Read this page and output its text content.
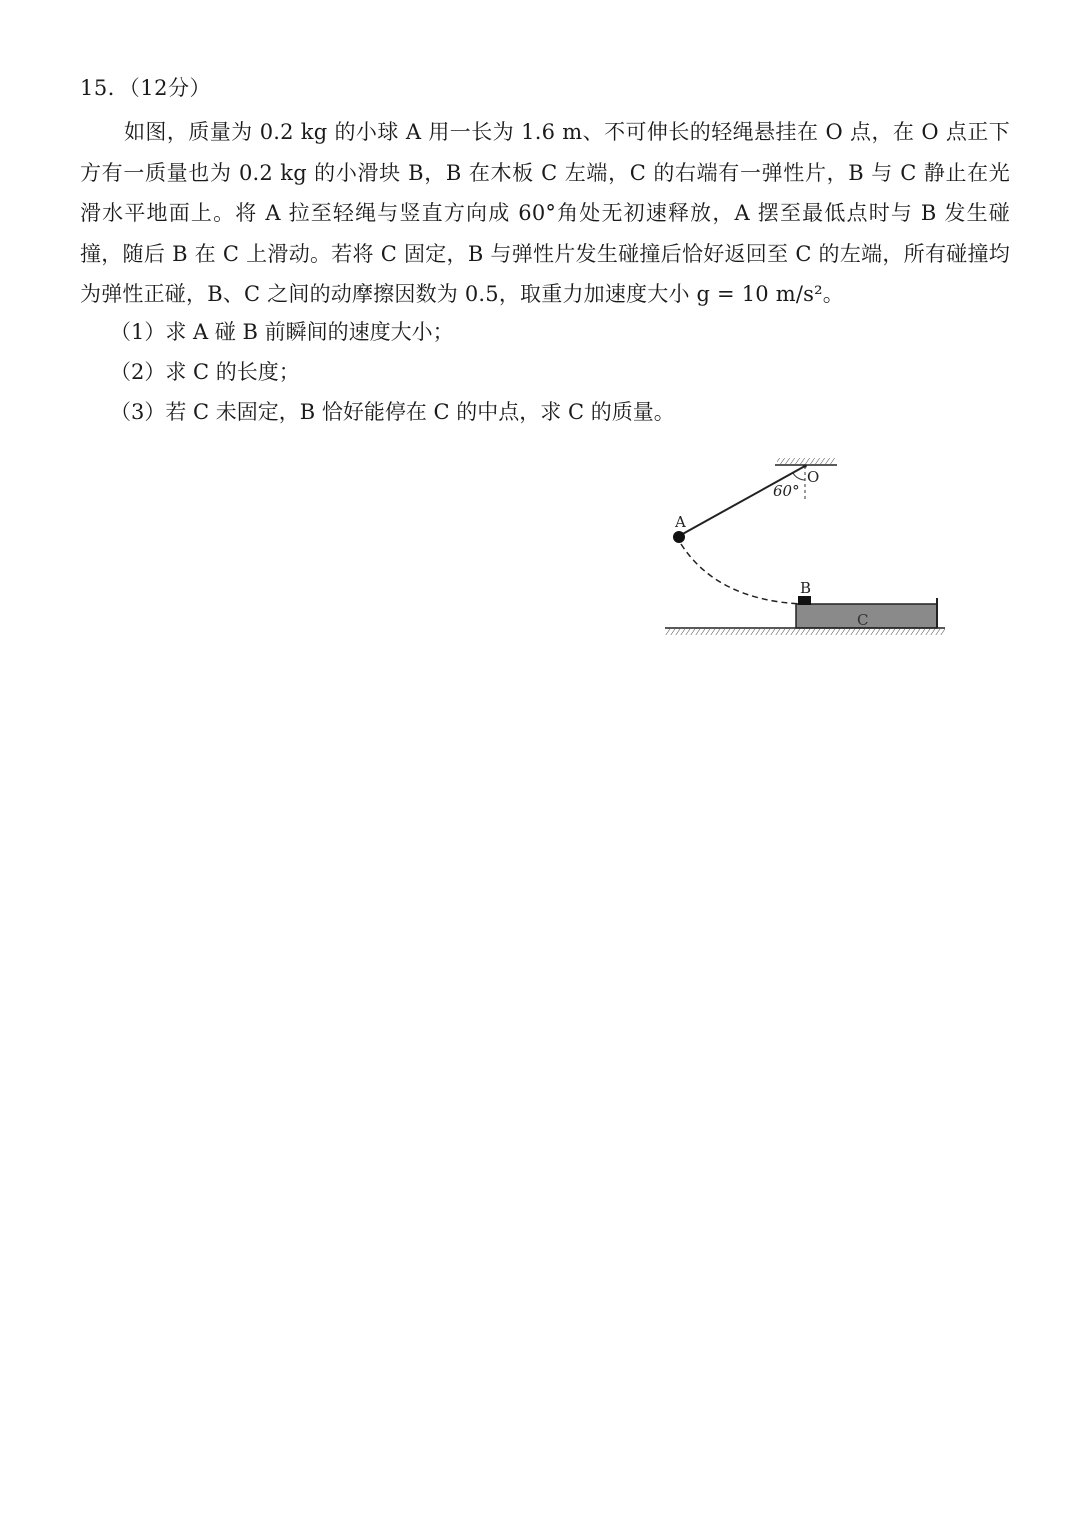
15．（12分）
如图，质量为 0.2 kg 的小球 A 用一长为 1.6 m、不可伸长的轻绳悬挂在 O 点，在 O 点正下方有一质量也为 0.2 kg 的小滑块 B，B 在木板 C 左端，C 的右端有一弹性片，B 与 C 静止在光滑水平地面上。将 A 拉至轻绳与竖直方向成 60°角处无初速释放，A 摆至最低点时与 B 发生碰撞，随后 B 在 C 上滑动。若将 C 固定，B 与弹性片发生碰撞后恰好返回至 C 的左端，所有碰撞均为弹性正碰，B、C 之间的动摩擦因数为 0.5，取重力加速度大小 g = 10 m/s²。
（1）求 A 碰 B 前瞬间的速度大小；
（2）求 C 的长度；
（3）若 C 未固定，B 恰好能停在 C 的中点，求 C 的质量。
O
60°
A
C
B
